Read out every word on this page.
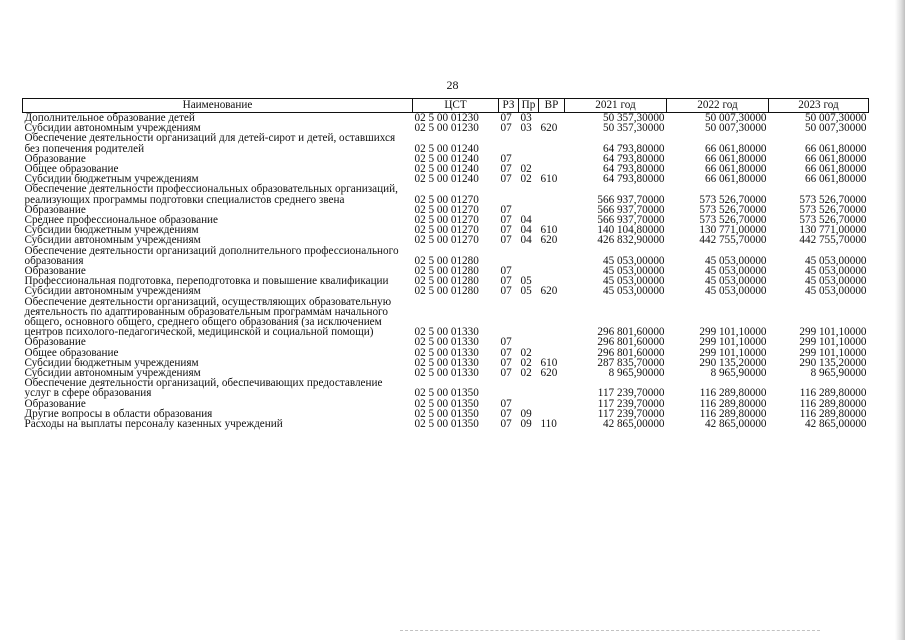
28
Наименование	ЦСТ	РЗ	Пр	ВР	2021 год	2022 год	2023 год
Дополнительное образование детей	02 5 00 01230	07	03		50 357,30000	50 007,30000	50 007,30000
Субсидии автономным учреждениям	02 5 00 01230	07	03	620	50 357,30000	50 007,30000	50 007,30000
Обеспечение деятельности организаций для детей-сирот и детей, оставшихся без попечения родителей	02 5 00 01240				64 793,80000	66 061,80000	66 061,80000
Образование	02 5 00 01240	07			64 793,80000	66 061,80000	66 061,80000
Общее образование	02 5 00 01240	07	02		64 793,80000	66 061,80000	66 061,80000
Субсидии бюджетным учреждениям	02 5 00 01240	07	02	610	64 793,80000	66 061,80000	66 061,80000
Обеспечение деятельности профессиональных образовательных организаций, реализующих программы подготовки специалистов среднего звена	02 5 00 01270				566 937,70000	573 526,70000	573 526,70000
Образование	02 5 00 01270	07			566 937,70000	573 526,70000	573 526,70000
Среднее профессиональное образование	02 5 00 01270	07	04		566 937,70000	573 526,70000	573 526,70000
Субсидии бюджетным учреждениям	02 5 00 01270	07	04	610	140 104,80000	130 771,00000	130 771,00000
Субсидии автономным учреждениям	02 5 00 01270	07	04	620	426 832,90000	442 755,70000	442 755,70000
Обеспечение деятельности организаций дополнительного профессионального образования	02 5 00 01280				45 053,00000	45 053,00000	45 053,00000
Образование	02 5 00 01280	07			45 053,00000	45 053,00000	45 053,00000
Профессиональная подготовка, переподготовка и повышение квалификации	02 5 00 01280	07	05		45 053,00000	45 053,00000	45 053,00000
Субсидии автономным учреждениям	02 5 00 01280	07	05	620	45 053,00000	45 053,00000	45 053,00000
Обеспечение деятельности организаций, осуществляющих образовательную деятельность по адаптированным образовательным программам начального общего, основного общего, среднего общего образования (за исключением центров психолого-педагогической, медицинской и социальной помощи)	02 5 00 01330				296 801,60000	299 101,10000	299 101,10000
Образование	02 5 00 01330	07			296 801,60000	299 101,10000	299 101,10000
Общее образование	02 5 00 01330	07	02		296 801,60000	299 101,10000	299 101,10000
Субсидии бюджетным учреждениям	02 5 00 01330	07	02	610	287 835,70000	290 135,20000	290 135,20000
Субсидии автономным учреждениям	02 5 00 01330	07	02	620	8 965,90000	8 965,90000	8 965,90000
Обеспечение деятельности организаций, обеспечивающих предоставление услуг в сфере образования	02 5 00 01350				117 239,70000	116 289,80000	116 289,80000
Образование	02 5 00 01350	07			117 239,70000	116 289,80000	116 289,80000
Другие вопросы в области образования	02 5 00 01350	07	09		117 239,70000	116 289,80000	116 289,80000
Расходы на выплаты персоналу казенных учреждений	02 5 00 01350	07	09	110	42 865,00000	42 865,00000	42 865,00000
